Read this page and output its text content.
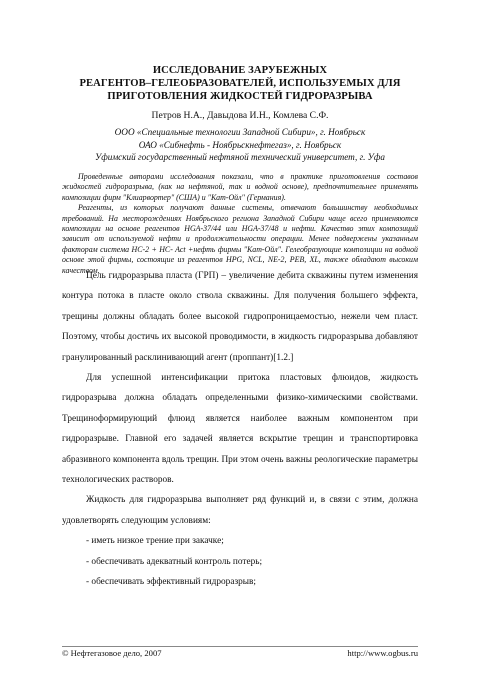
ИССЛЕДОВАНИЕ ЗАРУБЕЖНЫХ
РЕАГЕНТОВ–ГЕЛЕОБРАЗОВАТЕЛЕЙ, ИСПОЛЬЗУЕМЫХ ДЛЯ
ПРИГОТОВЛЕНИЯ ЖИДКОСТЕЙ ГИДРОРАЗРЫВА
Петров Н.А., Давыдова И.Н., Комлева С.Ф.
ООО «Специальные технологии Западной Сибири», г. Ноябрьск
ОАО «Сибнефть - Ноябрьскнефтегаз», г. Ноябрьск
Уфимский государственный нефтяной технический университет, г. Уфа

Проведенные авторами исследования показали, что в практике приготовления составов жидкостей гидроразрыва, (как на нефтяной, так и водной основе), предпочтительнее применять композиции фирм "Клиарвортер" (США) и "Кат-Ойл" (Германия).

Реагенты, из которых получают данные системы, отвечают большинству необходимых требований. На месторождениях Ноябрьского региона Западной Сибири чаще всего применяются композиции на основе реагентов HGA-37/44 или HGA-37/48 и нефти. Качество этих композиций зависит от используемой нефти и продолжительности операции. Менее подвержены указанным факторам система HC-2 + HC- Act +нефть фирмы "Кат-Ойл". Гелеобразующие композиции на водной основе этой фирмы, состоящие из реагентов HPG, NCL, NE-2, PEB, XL, также обладают высоким качеством.

Цель гидроразрыва пласта (ГРП) – увеличение дебита скважины путем изменения контура потока в пласте около ствола скважины. Для получения большего эффекта, трещины должны обладать более высокой гидропроницаемостью, нежели чем пласт. Поэтому, чтобы достичь их высокой проводимости, в жидкость гидроразрыва добавляют гранулированный расклинивающий агент (проппант)[1.2.]

Для успешной интенсификации притока пластовых флюидов, жидкость гидроразрыва должна обладать определенными физико-химическими свойствами. Трещиноформирующий флюид является наиболее важным компонентом при гидроразрыве. Главной его задачей является вскрытие трещин и транспортировка абразивного компонента вдоль трещин. При этом очень важны реологические параметры технологических растворов.

Жидкость для гидроразрыва выполняет ряд функций и, в связи с этим, должна удовлетворять следующим условиям:

- иметь низкое трение при закачке;
- обеспечивать адекватный контроль потерь;
- обеспечивать эффективный гидроразрыв;
© Нефтегазовое дело, 2007	http://www.ogbus.ru
